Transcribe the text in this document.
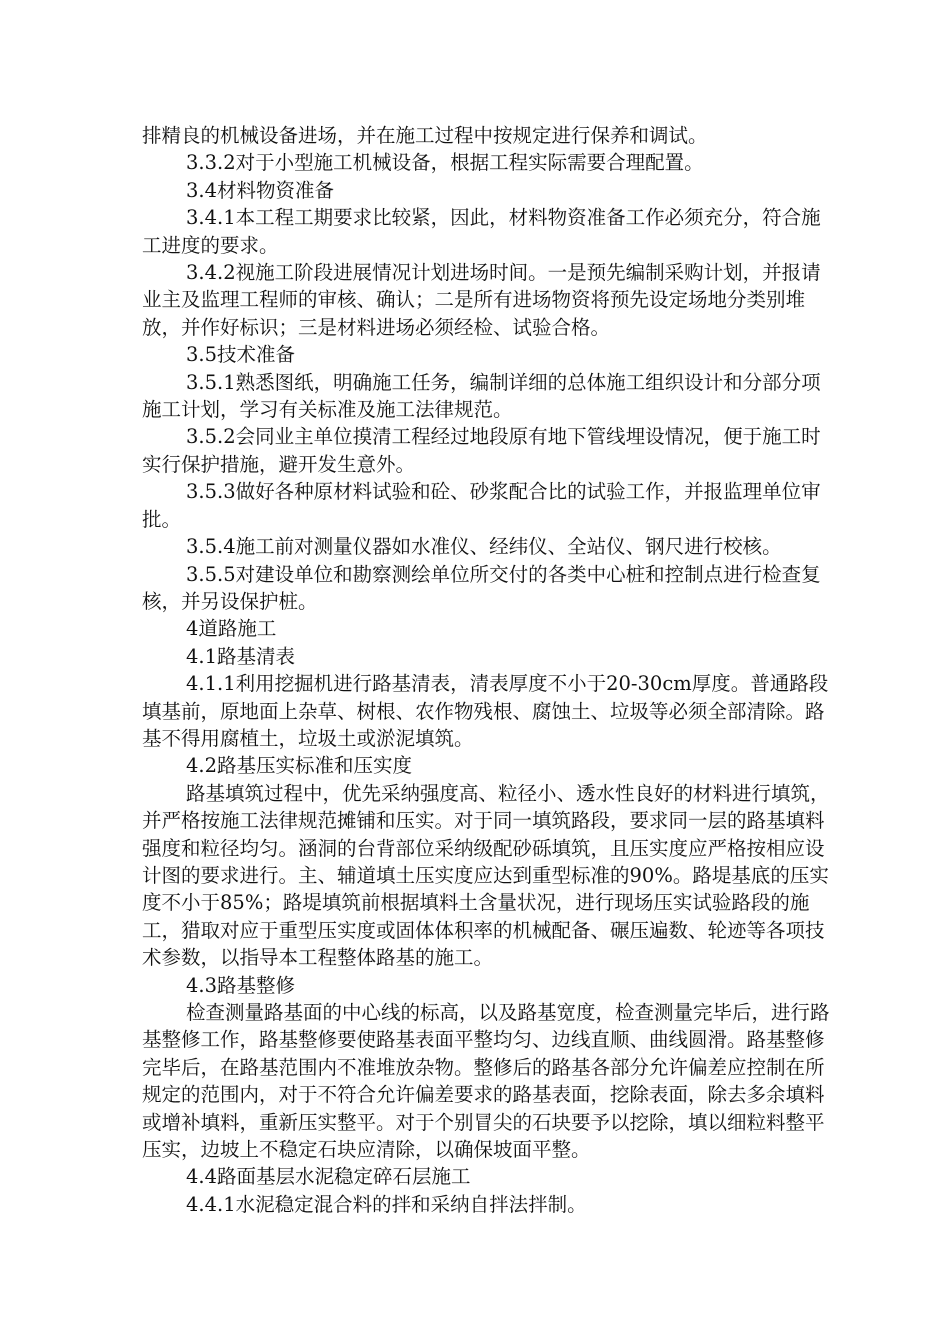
排精良的机械设备进场，并在施工过程中按规定进行保养和调试。

3.3.2对于小型施工机械设备，根据工程实际需要合理配置。

3.4材料物资准备

3.4.1本工程工期要求比较紧，因此，材料物资准备工作必须充分，符合施工进度的要求。

3.4.2视施工阶段进展情况计划进场时间。一是预先编制采购计划，并报请业主及监理工程师的审核、确认；二是所有进场物资将预先设定场地分类别堆放，并作好标识；三是材料进场必须经检、试验合格。

3.5技术准备

3.5.1熟悉图纸，明确施工任务，编制详细的总体施工组织设计和分部分项施工计划，学习有关标准及施工法律规范。

3.5.2会同业主单位摸清工程经过地段原有地下管线埋设情况，便于施工时实行保护措施，避开发生意外。

3.5.3做好各种原材料试验和砼、砂浆配合比的试验工作，并报监理单位审批。

3.5.4施工前对测量仪器如水准仪、经纬仪、全站仪、钢尺进行校核。

3.5.5对建设单位和勘察测绘单位所交付的各类中心桩和控制点进行检查复核，并另设保护桩。

4道路施工

4.1路基清表

4.1.1利用挖掘机进行路基清表，清表厚度不小于20-30cm厚度。普通路段填基前，原地面上杂草、树根、农作物残根、腐蚀土、垃圾等必须全部清除。路基不得用腐植土，垃圾土或淤泥填筑。

4.2路基压实标准和压实度

路基填筑过程中，优先采纳强度高、粒径小、透水性良好的材料进行填筑，并严格按施工法律规范摊铺和压实。对于同一填筑路段，要求同一层的路基填料强度和粒径均匀。涵洞的台背部位采纳级配砂砾填筑，且压实度应严格按相应设计图的要求进行。主、辅道填土压实度应达到重型标准的90%。路堤基底的压实度不小于85%；路堤填筑前根据填料土含量状况，进行现场压实试验路段的施工，猎取对应于重型压实度或固体体积率的机械配备、碾压遍数、轮迹等各项技术参数，以指导本工程整体路基的施工。

4.3路基整修

检查测量路基面的中心线的标高，以及路基宽度，检查测量完毕后，进行路基整修工作，路基整修要使路基表面平整均匀、边线直顺、曲线圆滑。路基整修完毕后，在路基范围内不准堆放杂物。整修后的路基各部分允许偏差应控制在所规定的范围内，对于不符合允许偏差要求的路基表面，挖除表面，除去多余填料或增补填料，重新压实整平。对于个别冒尖的石块要予以挖除，填以细粒料整平压实，边坡上不稳定石块应清除，以确保坡面平整。

4.4路面基层水泥稳定碎石层施工

4.4.1水泥稳定混合料的拌和采纳自拌法拌制。
